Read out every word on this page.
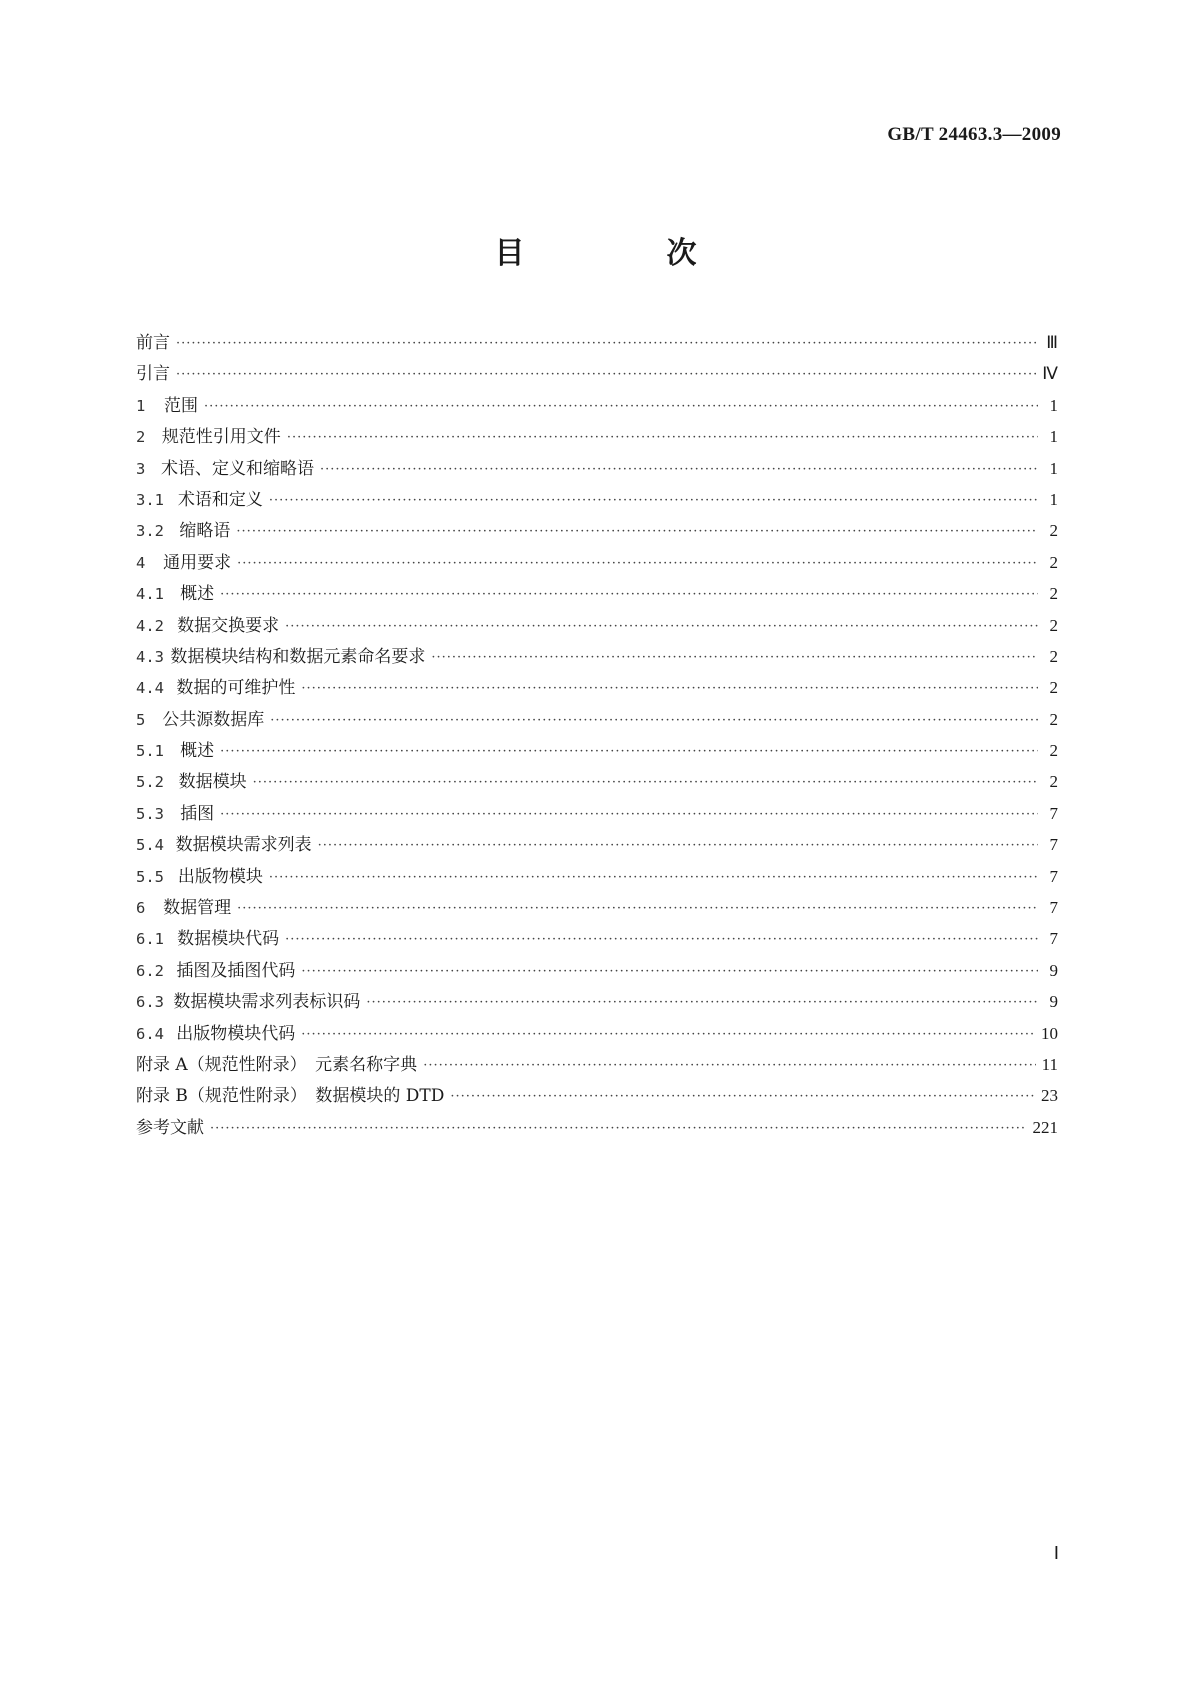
GB/T 24463.3—2009
目　次
前言 ·····	Ⅲ
引言 ·····	Ⅳ
1	范围 ·····	1
2 规范性引用文件 ·····	1
3 术语、定义和缩略语 ·····	1
3.1 术语和定义 ·····	1
3.2 缩略语 ·····	2
4	通用要求 ·····	2
4.1 概述 ·····	2
4.2 数据交换要求 ·····	2
4.3 数据模块结构和数据元素命名要求 ·····	2
4.4 数据的可维护性 ·····	2
5 公共源数据库 ·····	2
5.1 概述 ·····	2
5.2 数据模块 ·····	2
5.3 插图 ·····	7
5.4 数据模块需求列表 ·····	7
5.5 出版物模块 ·····	7
6	数据管理 ·····	7
6.1 数据模块代码 ·····	7
6.2 插图及插图代码 ·····	9
6.3 数据模块需求列表标识码 ·····	9
6.4 出版物模块代码 ·····	10
附录 A（规范性附录）　元素名称字典 ·····	11
附录 B（规范性附录）　数据模块的 DTD ·····	23
参考文献 ·····	221
Ⅰ
